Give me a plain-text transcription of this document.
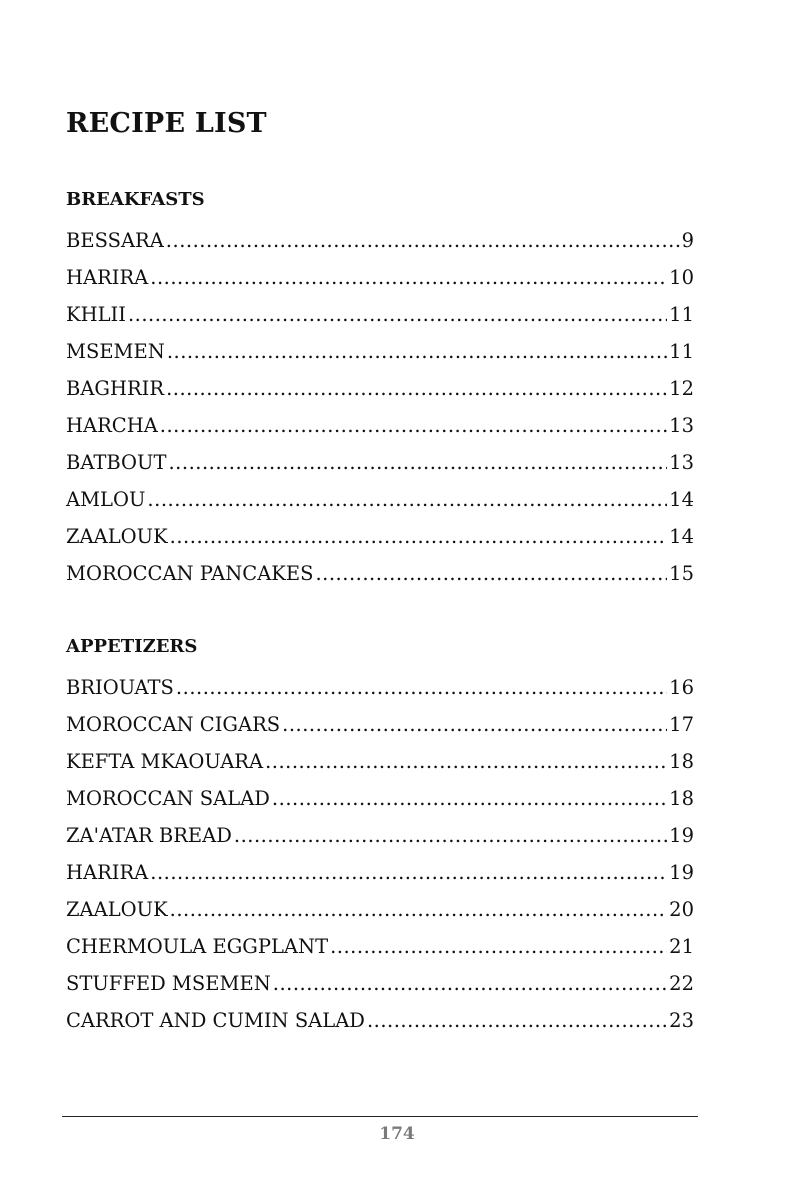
RECIPE LIST
BREAKFASTS
BESSARA .....	9
HARIRA .....	10
KHLII .....	11
MSEMEN .....	11
BAGHRIR .....	12
HARCHA .....	13
BATBOUT .....	13
AMLOU .....	14
ZAALOUK .....	14
MOROCCAN PANCAKES .....	15
APPETIZERS
BRIOUATS .....	16
MOROCCAN CIGARS .....	17
KEFTA MKAOUARA .....	18
MOROCCAN SALAD .....	18
ZA'ATAR BREAD .....	19
HARIRA .....	19
ZAALOUK .....	20
CHERMOULA EGGPLANT .....	21
STUFFED MSEMEN .....	22
CARROT AND CUMIN SALAD .....	23
174
